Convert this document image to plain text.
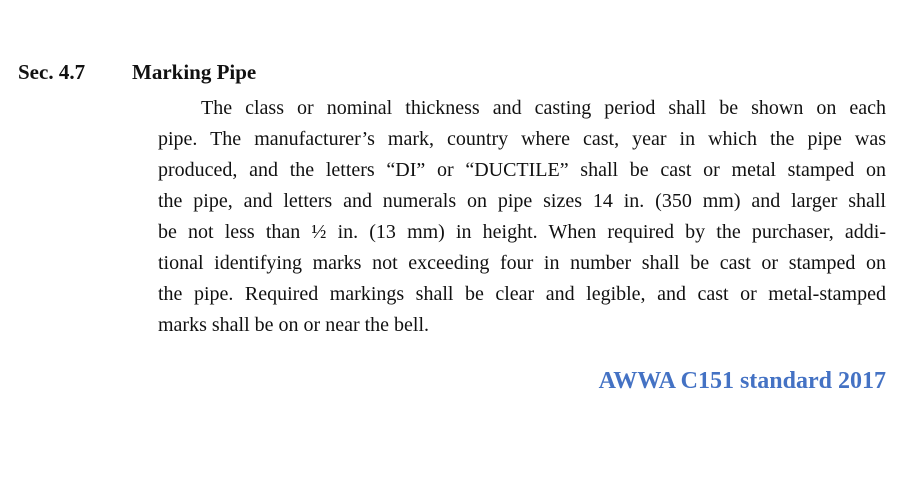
Sec. 4.7 Marking Pipe
The class or nominal thickness and casting period shall be shown on each
pipe. The manufacturer’s mark, country where cast, year in which the pipe was
produced, and the letters “DI” or “DUCTILE” shall be cast or metal stamped on
the pipe, and letters and numerals on pipe sizes 14 in. (350 mm) and larger shall
be not less than ½ in. (13 mm) in height. When required by the purchaser, addi-
tional identifying marks not exceeding four in number shall be cast or stamped on
the pipe. Required markings shall be clear and legible, and cast or metal-stamped
marks shall be on or near the bell.
AWWA C151 standard 2017
